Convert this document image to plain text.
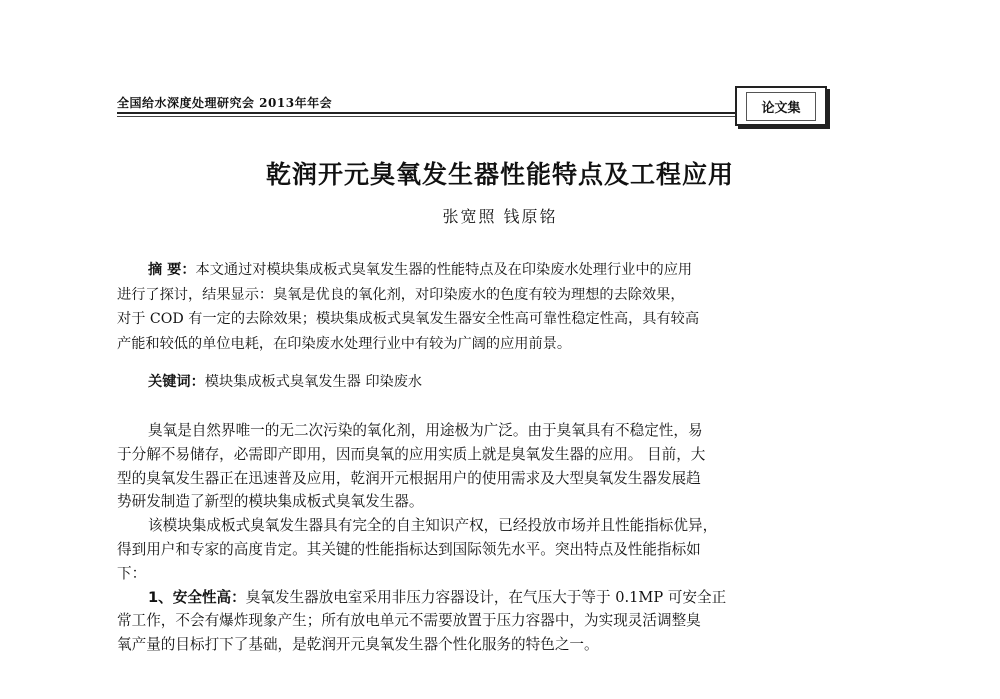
全国给水深度处理研究会 2013年年会	论文集
乾润开元臭氧发生器性能特点及工程应用
张宽照 钱原铭
摘 要：本文通过对模块集成板式臭氧发生器的性能特点及在印染废水处理行业中的应用
进行了探讨，结果显示：臭氧是优良的氧化剂，对印染废水的色度有较为理想的去除效果，
对于 COD 有一定的去除效果；模块集成板式臭氧发生器安全性高可靠性稳定性高，具有较高
产能和较低的单位电耗，在印染废水处理行业中有较为广阔的应用前景。
关键词：模块集成板式臭氧发生器 印染废水
臭氧是自然界唯一的无二次污染的氧化剂，用途极为广泛。由于臭氧具有不稳定性，易
于分解不易储存，必需即产即用，因而臭氧的应用实质上就是臭氧发生器的应用。 目前，大
型的臭氧发生器正在迅速普及应用，乾润开元根据用户的使用需求及大型臭氧发生器发展趋
势研发制造了新型的模块集成板式臭氧发生器。
该模块集成板式臭氧发生器具有完全的自主知识产权，已经投放市场并且性能指标优异，
得到用户和专家的高度肯定。其关键的性能指标达到国际领先水平。突出特点及性能指标如
下：
1、安全性高：臭氧发生器放电室采用非压力容器设计，在气压大于等于 0.1MP 可安全正
常工作，不会有爆炸现象产生；所有放电单元不需要放置于压力容器中，为实现灵活调整臭
氧产量的目标打下了基础，是乾润开元臭氧发生器个性化服务的特色之一。
